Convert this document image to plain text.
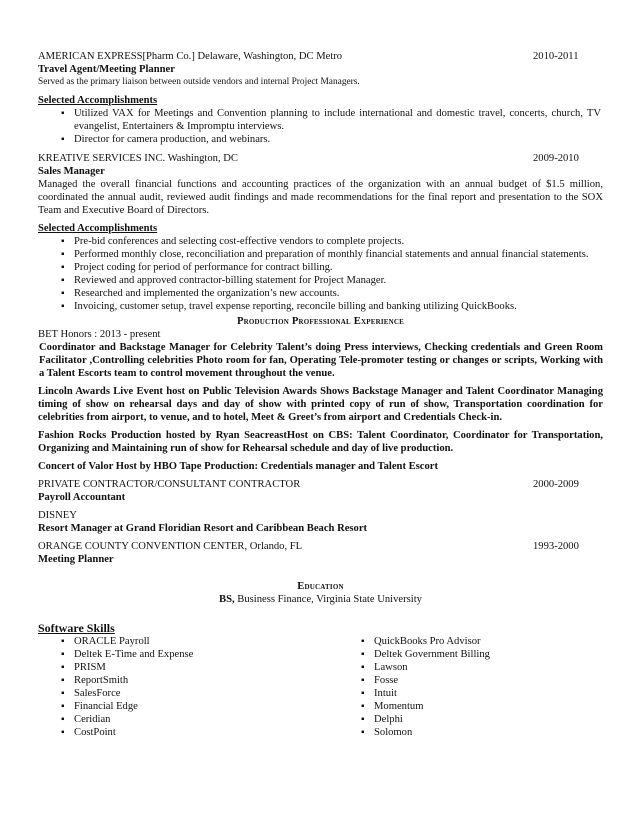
AMERICAN EXPRESS[Pharm Co.] Delaware, Washington, DC Metro	2010-2011
Travel Agent/Meeting Planner
Served as the primary liaison between outside vendors and internal Project Managers.
Selected Accomplishments
▪ Utilized VAX for Meetings and Convention planning to include international and domestic travel, concerts, church, TV evangelist, Entertainers & Impromptu interviews.
▪ Director for camera production, and webinars.
KREATIVE SERVICES INC. Washington, DC	2009-2010
Sales Manager
Managed the overall financial functions and accounting practices of the organization with an annual budget of $1.5 million, coordinated the annual audit, reviewed audit findings and made recommendations for the final report and presentation to the SOX Team and Executive Board of Directors.
Selected Accomplishments
▪ Pre-bid conferences and selecting cost-effective vendors to complete projects.
▪ Performed monthly close, reconciliation and preparation of monthly financial statements and annual financial statements.
▪ Project coding for period of performance for contract billing.
▪ Reviewed and approved contractor-billing statement for Project Manager.
▪ Researched and implemented the organization’s new accounts.
▪ Invoicing, customer setup, travel expense reporting, reconcile billing and banking utilizing QuickBooks.
Production Professional Experience
BET Honors : 2013 - present
Coordinator and Backstage Manager for Celebrity Talent’s doing Press interviews, Checking credentials and Green Room Facilitator ,Controlling celebrities Photo room for fan, Operating Tele-promoter testing or changes or scripts, Working with a Talent Escorts team to control movement throughout the venue.
Lincoln Awards Live Event host on Public Television Awards Shows Backstage Manager and Talent Coordinator Managing timing of show on rehearsal days and day of show with printed copy of run of show, Transportation coordination for celebrities from airport, to venue, and to hotel, Meet & Greet’s from airport and Credentials Check-in.
Fashion Rocks Production hosted by Ryan SeacreastHost on CBS: Talent Coordinator, Coordinator for Transportation, Organizing and Maintaining run of show for Rehearsal schedule and day of live production.
Concert of Valor Host by HBO Tape Production: Credentials manager and Talent Escort
PRIVATE CONTRACTOR/CONSULTANT CONTRACTOR	2000-2009
Payroll Accountant
DISNEY
Resort Manager at Grand Floridian Resort and Caribbean Beach Resort
ORANGE COUNTY CONVENTION CENTER, Orlando, FL	1993-2000
Meeting Planner
Education
BS, Business Finance, Virginia State University
Software Skills
▪ ORACLE Payroll
▪ Deltek E-Time and Expense
▪ PRISM
▪ ReportSmith
▪ SalesForce
▪ Financial Edge
▪ Ceridian
▪ CostPoint
▪ QuickBooks Pro Advisor
▪ Deltek Government Billing
▪ Lawson
▪ Fosse
▪ Intuit
▪ Momentum
▪ Delphi
▪ Solomon
